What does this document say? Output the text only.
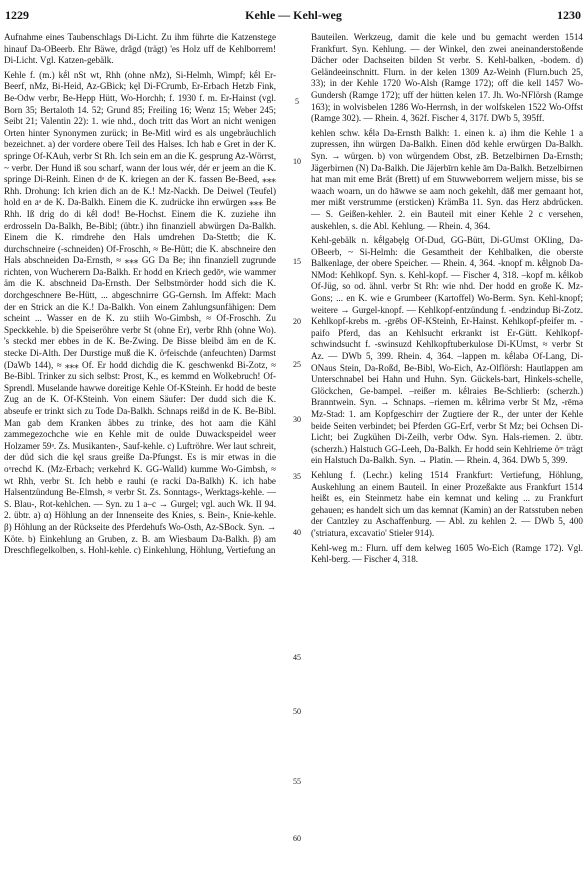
1229	Kehle — Kehl-weg	1230

Aufnahme eines Taubenschlags Di-Licht. Zu ihm führte die Katzenstege hinauf Da-OBeerb. Ehr Bäwe, drâgd (trägt) 'es Holz uff de Kehlborrem! Di-Licht. Vgl. Katzen-gebälk.

Kehle f. (m.) kḗl nSt wt, Rhh (ohne nMz), Si-Helmh, Wimpf; kḗl Er-Beerf, nMz, Bi-Heid, Az-GBick; kęl Di-FCrumb, Er-Erbach Hetzb Fink, Be-Odw verbr, Be-Hepp Hütt, Wo-Horchh; f. 1930 f. m. Er-Hainst (vgl. Born 35; Bertaloth 14. 52; Grund 85; Freiling 16; Wenz 15; Weber 245; Seibt 21; Valentin 22): 1. wie nhd., doch tritt das Wort an nicht wenigen Orten hinter Synonymen zurück; in Be-Mitl wird es als ungebräuchlich bezeichnet. a) der vordere obere Teil des Halses. Ich hab e Gret in der K. springe Of-KAuh, verbr St Rh. Ich sein em an die K. gesprung Az-Wörrst, ~ verbr. Der Hund iß sou scharf, wann der lous wér, dér er jeem an die K. springe Di-Reinh. Einen dᵃ de K. kriegen an der K. fassen Be-Beed, ⁎⁎⁎ Rhh. Drohung: Ich krien dich an de K.! Mz-Nackh. De Deiwel (Teufel) hold en aᵃ de K. Da-Balkh. Einem die K. zudrücke ihn erwürgen ⁎⁎⁎ Be Rhh. Iß drig do di kḗl dod! Be-Hochst. Einem die K. zuziehe ihn erdrosseln Da-Balkh, Be-Bibl; (übtr.) ihn finanziell abwürgen Da-Balkh. Einem die K. rimdrehe den Hals umdrehen Da-Stettb; die K. durchschneire (-schneiden) Of-Froschh, ≈ Be-Hütt; die K. abschneire den Hals abschneiden Da-Ernsth, ≈ ⁎⁎⁎ GG Da Be; ihn finanziell zugrunde richten, von Wucherern Da-Balkh. Er hodd en Kriech gedōⁿ, wie wammer äm die K. abschneid Da-Ernsth. Der Selbstmörder hodd sich die K. dorchgeschnere Be-Hütt, ... abgeschnirre GG-Gernsh. Im Affekt: Mach der en Strick an die K.! Da-Balkh. Von einem Zahlungsunfähigen: Dem scheint ... Wasser en de K. zu stiih Wo-Gimbsh, ≈ Of-Froschh. Zu Speckkehle. b) die Speiseröhre verbr St (ohne Er), verbr Rhh (ohne Wo). 's steckd mer ebbes in de K. Be-Zwing. De Bisse bleibd äm en de K. stecke Di-Alth. Der Durstige muß die K. öᵃfeischde (anfeuchten) Darmst (DaWb 144), ≈ ⁎⁎⁎ Of. Er hodd dichdig die K. geschwenkd Bi-Zotz, ≈ Be-Bibl. Trinker zu sich selbst: Prost, K., es kemmd en Wolkebruch! Of-Sprendl. Muselande hawwe doreitige Kehle Of-KSteinh. Er hodd de beste Zug an de K. Of-KSteinh. Von einem Säufer: Der dudd sich die K. abseufe er trinkt sich zu Tode Da-Balkh. Schnaps reißd in de K. Be-Bibl. Man gab dem Kranken äbbes zu trinke, des hot aam die Kähl zammegezochche wie en Kehle mit de oulde Duwackspeidel weer Holzamer 59ᵃ. Zs. Musikanten-, Sauf-kehle. c) Luftröhre. Wer laut schreit, der düd sich die kęl sraus greiße Da-Pfungst. Es is mir etwas in die oᵘrechd K. (Mz-Erbach; verkehrd K. GG-Walld) kumme Wo-Gimbsh, ≈ wt Rhh, verbr St. Ich hebb e rauhi (e racki Da-Balkh) K. ich habe Halsentzündung Be-Elmsh, ≈ verbr St. Zs. Sonntags-, Werktags-kehle. — S. Blau-, Rot-kehlchen. — Syn. zu 1 a–c → Gurgel; vgl. auch Wk. II 94. 2. übtr. a) α) Höhlung an der Innenseite des Knies, s. Bein-, Knie-kehle. β) Höhlung an der Rückseite des Pferdehufs Wo-Osth, Az-SBock. Syn. → Köte. b) Einkehlung an Gruben, z. B. am Wiesbaum Da-Balkh. β) am Dreschflegelkolben, s. Hohl-kehle. c) Einkehlung, Höhlung, Vertiefung an

5
10
15
20
25
30
35
40
45
50
55
60

Bauteilen. Werkzeug, damit die kele und bu gemacht werden 1514 Frankfurt. Syn. Kehlung. — der Winkel, den zwei aneinanderstoßende Dächer oder Dachseiten bilden St verbr. S. Kehl-balken, -bodem. d) Geländeeinschnitt. Flurn. in der kelen 1309 Az-Weinh (Flurn.buch 25, 33); in der Kehle 1720 Wo-Alsh (Ramge 172); off die kell 1457 Wo-Gundersh (Ramge 172); uff der hütten kelen 17. Jh. Wo-NFlörsh (Ramge 163); in wolvisbelen 1286 Wo-Herrnsh, in der wolfskelen 1522 Wo-Offst (Ramge 302). — Rhein. 4, 362f. Fischer 4, 317f. DWb 5, 395ff.

kehlen schw. kḗlə Da-Ernsth Balkh: 1. einen k. a) ihm die Kehle 1 a zupressen, ihn würgen Da-Balkh. Einen dōd kehle erwürgen Da-Balkh. Syn. → würgen. b) von würgendem Obst, zB. Betzelbirnen Da-Ernsth; Jägerbirnen (N) Da-Balkh. Die Jäjerbīrn kehle ām Da-Balkh. Betzelbirnen hat man mit eme Brät (Brett) uf em Stuwweborrem weljern misse, bis se waach woarn, un do hāwwe se aam noch gekehlt, dāß mer gemaant hot, mer mißt verstrumme (ersticken) KrämBa 11. Syn. das Herz abdrücken. — S. Geißen-kehler. 2. ein Bauteil mit einer Kehle 2 c versehen, auskehlen, s. die Abl. Kehlung. — Rhein. 4, 364.

Kehl-gebälk n. kḗlgəbęlg Of-Dud, GG-Bütt, Di-GUmst OKling, Da-OBeerb, ~ Si-Helmh: die Gesamtheit der Kehlbalken, die oberste Balkenlage, der obere Speicher. — Rhein. 4, 364. -knopf m. kḗlgnob Da-NMod: Kehlkopf. Syn. s. Kehl-kopf. — Fischer 4, 318. –kopf m. kḗlkob Of-Jüg, so od. ähnl. verbr St Rh: wie nhd. Der hodd en große K. Mz-Gons; ... en K. wie e Grumbeer (Kartoffel) Wo-Berm. Syn. Kehl-knopf; weitere → Gurgel-knopf. — Kehlkopf-entzündung f. -endzindup Bi-Zotz. Kehlkopf-krebs m. -grēbs OF-KSteinh, Er-Hainst. Kehlkopf-pfeifer m. -paifo Pferd, das an Kehlsucht erkrankt ist Er-Gütt. Kehlkopf-schwindsucht f. -swinsuzd Kehlkopftuberkulose Di-KUmst, ≈ verbr St Az. — DWb 5, 399. Rhein. 4, 364. –lappen m. kḗlabə Of-Lang, Di-ONaus Stein, Da-Roßd, Be-Bibl, Wo-Eich, Az-Olflörsh: Hautlappen am Unterschnabel bei Hahn und Huhn. Syn. Gückels-bart, Hinkels-schelle, Glöckchen, Ge-bampel. –reißer m. kḗlraies Be-Schlierb: (scherzh.) Branntwein. Syn. → Schnaps. –riemen m. kḗlrimə verbr St Mz, -rēmə Mz-Stad: 1. am Kopfgeschirr der Zugtiere der R., der unter der Kehle beide Seiten verbindet; bei Pferden GG-Erf, verbr St Mz; bei Ochsen Di-Licht; bei Zugkühen Di-Zeilh, verbr Odw. Syn. Hals-riemen. 2. übtr. (scherzh.) Halstuch GG-Leeh, Da-Balkh. Er hodd sein Kehlrieme öᵐ trägt ein Halstuch Da-Balkh. Syn. → Platin. — Rhein. 4, 364. DWb 5, 399.

Kehlung f. (Lechr.) keling 1514 Frankfurt: Vertiefung, Höhlung, Auskehlung an einem Bauteil. In einer Prozeßakte aus Frankfurt 1514 heißt es, ein Steinmetz habe ein kemnat und keling ... zu Frankfurt gehauen; es handelt sich um das kemnat (Kamin) an der Ratsstuben neben der Cantzley zu Aschaffenburg. — Abl. zu kehlen 2. — DWb 5, 400 ('striatura, excavatio' Stieler 914).

Kehl-weg m.: Flurn. uff dem kelweg 1605 Wo-Eich (Ramge 172). Vgl. Kehl-berg. — Fischer 4, 318.
